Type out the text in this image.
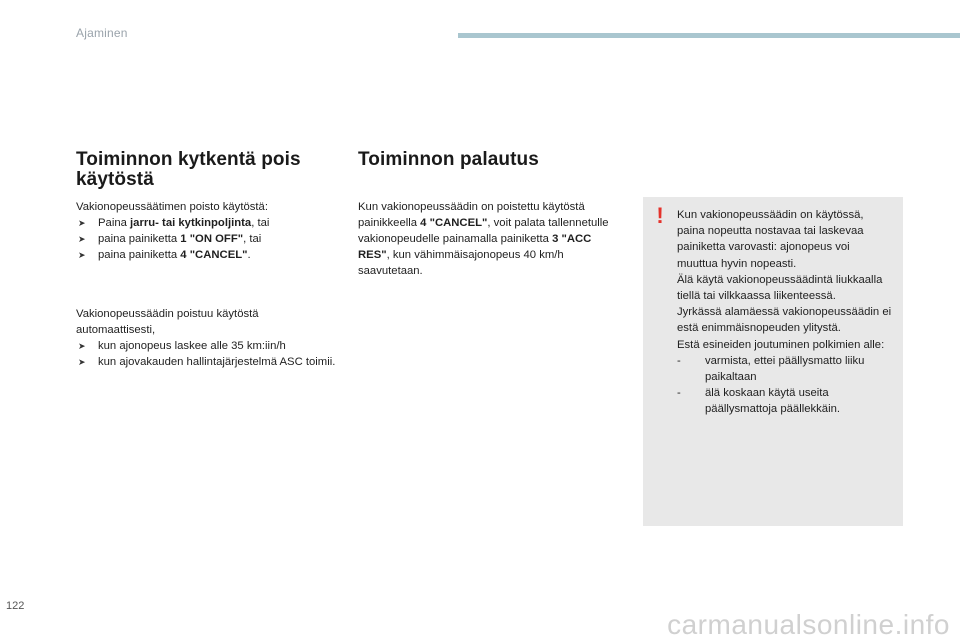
Ajaminen
Toiminnon kytkentä pois käytöstä

Vakionopeussäätimen poisto käytöstä:

➤ Paina jarru- tai kytkinpoljinta, tai

➤ paina painiketta 1 "ON OFF", tai

➤ paina painiketta 4 "CANCEL".

Vakionopeussäädin poistuu käytöstä automaattisesti,

➤ kun ajonopeus laskee alle 35 km:iin/h

➤ kun ajovakauden hallintajärjestelmä ASC toimii.

Toiminnon palautus

Kun vakionopeussäädin on poistettu käytöstä painikkeella 4 "CANCEL", voit palata tallennetulle vakionopeudelle painamalla painiketta 3 "ACC RES", kun vähimmäisajonopeus 40 km/h saavutetaan.

! Kun vakionopeussäädin on käytössä, paina nopeutta nostavaa tai laskevaa painiketta varovasti: ajonopeus voi muuttua hyvin nopeasti.

Älä käytä vakionopeussäädintä liukkaalla tiellä tai vilkkaassa liikenteessä.

Jyrkässä alamäessä vakionopeussäädin ei estä enimmäisnopeuden ylitystä.

Estä esineiden joutuminen polkimien alle:

- varmista, ettei päällysmatto liiku paikaltaan

- älä koskaan käytä useita päällysmattoja päällekkäin.

122
carmanualsonline.info
